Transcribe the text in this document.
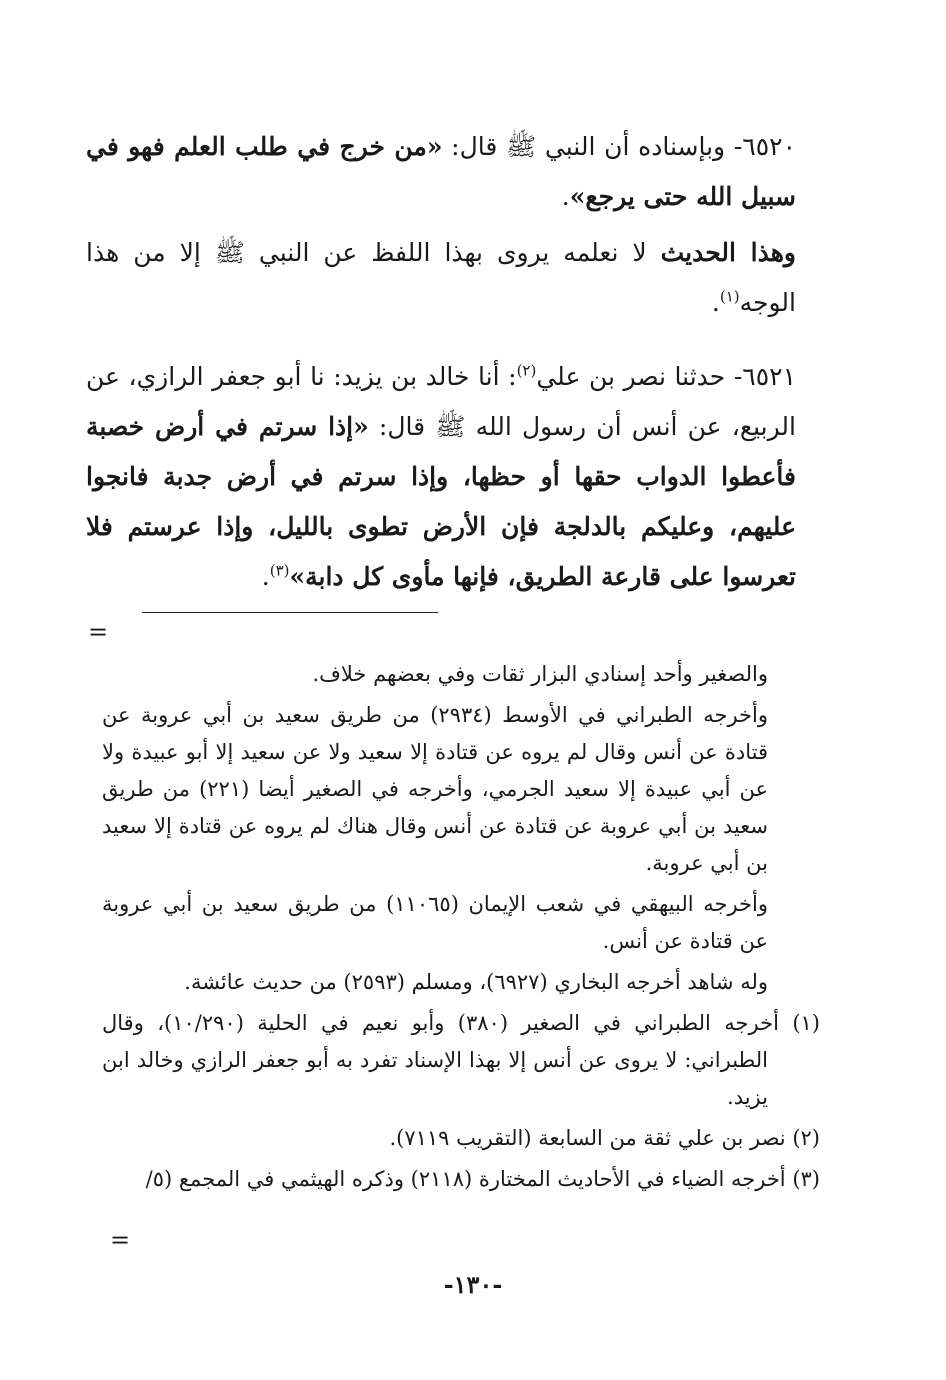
٦٥٢٠- وبإسناده أن النبي ﷺ قال: «من خرج في طلب العلم فهو في سبيل الله حتى يرجع».

وهذا الحديث لا نعلمه يروى بهذا اللفظ عن النبي ﷺ إلا من هذا الوجه$^{(١)}$.

٦٥٢١- حدثنا نصر بن علي$^{(٢)}$: أنا خالد بن يزيد: نا أبو جعفر الرازي، عن الربيع، عن أنس أن رسول الله ﷺ قال: «إذا سرتم في أرض خصبة فأعطوا الدواب حقها أو حظها، وإذا سرتم في أرض جدبة فانجوا عليهم، وعليكم بالدلجة فإن الأرض تطوى بالليل، وإذا عرستم فلا تعرسوا على قارعة الطريق، فإنها مأوى كل دابة»$^{(٣)}$.

=

والصغير وأحد إسنادي البزار ثقات وفي بعضهم خلاف.

وأخرجه الطبراني في الأوسط (٢٩٣٤) من طريق سعيد بن أبي عروبة عن قتادة عن أنس وقال لم يروه عن قتادة إلا سعيد ولا عن سعيد إلا أبو عبيدة ولا عن أبي عبيدة إلا سعيد الجرمي، وأخرجه في الصغير أيضا (٢٢١) من طريق سعيد بن أبي عروبة عن قتادة عن أنس وقال هناك لم يروه عن قتادة إلا سعيد بن أبي عروبة.

وأخرجه البيهقي في شعب الإيمان (١١٠٦٥) من طريق سعيد بن أبي عروبة عن قتادة عن أنس.

وله شاهد أخرجه البخاري (٦٩٢٧)، ومسلم (٢٥٩٣) من حديث عائشة.

(١) أخرجه الطبراني في الصغير (٣٨٠) وأبو نعيم في الحلية (١٠/٢٩٠)، وقال الطبراني: لا يروى عن أنس إلا بهذا الإسناد تفرد به أبو جعفر الرازي وخالد ابن يزيد.

(٢) نصر بن علي ثقة من السابعة (التقريب ٧١١٩).

(٣) أخرجه الضياء في الأحاديث المختارة (٢١١٨) وذكره الهيثمي في المجمع (٥/

=
-١٣٠-
